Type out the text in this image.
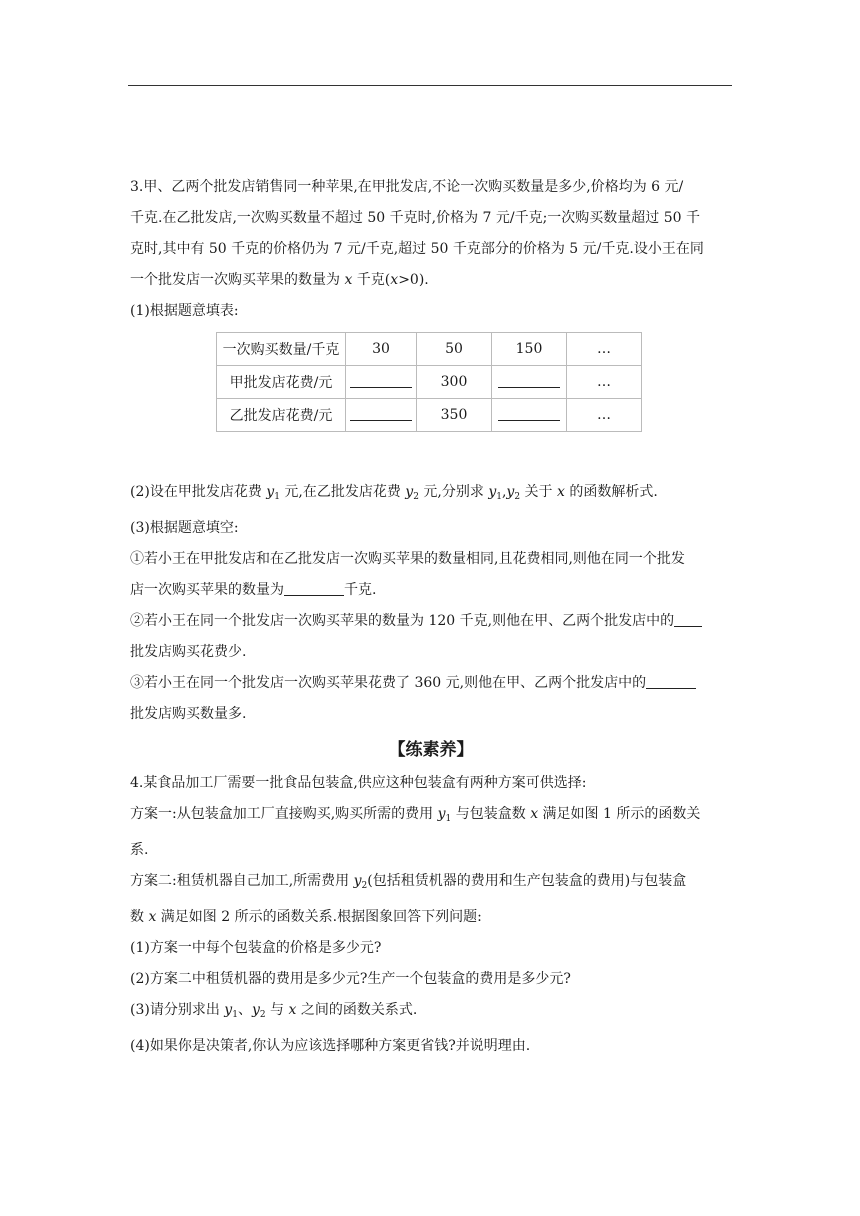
3.甲、乙两个批发店销售同一种苹果,在甲批发店,不论一次购买数量是多少,价格均为 6 元/

千克.在乙批发店,一次购买数量不超过 50 千克时,价格为 7 元/千克;一次购买数量超过 50 千

克时,其中有 50 千克的价格仍为 7 元/千克,超过 50 千克部分的价格为 5 元/千克.设小王在同

一个批发店一次购买苹果的数量为 x 千克(x>0).

(1)根据题意填表:

一次购买数量/千克	30	50	150	…
甲批发店花费/元		300		…
乙批发店花费/元		350		…

(2)设在甲批发店花费 $y_1$ 元,在乙批发店花费 $y_2$ 元,分别求 $y_1,y_2$ 关于 x 的函数解析式.

(3)根据题意填空:

①若小王在甲批发店和在乙批发店一次购买苹果的数量相同,且花费相同,则他在同一个批发

店一次购买苹果的数量为	千克.

②若小王在同一个批发店一次购买苹果的数量为 120 千克,则他在甲、乙两个批发店中的

批发店购买花费少.

③若小王在同一个批发店一次购买苹果花费了 360 元,则他在甲、乙两个批发店中的

批发店购买数量多.

【练素养】

4.某食品加工厂需要一批食品包装盒,供应这种包装盒有两种方案可供选择:

方案一:从包装盒加工厂直接购买,购买所需的费用 $y_1$ 与包装盒数 x 满足如图 1 所示的函数关

系.

方案二:租赁机器自己加工,所需费用 $y_2$(包括租赁机器的费用和生产包装盒的费用)与包装盒

数 x 满足如图 2 所示的函数关系.根据图象回答下列问题:

(1)方案一中每个包装盒的价格是多少元?

(2)方案二中租赁机器的费用是多少元?生产一个包装盒的费用是多少元?

(3)请分别求出 $y_1$、$y_2$ 与 x 之间的函数关系式.

(4)如果你是决策者,你认为应该选择哪种方案更省钱?并说明理由.
